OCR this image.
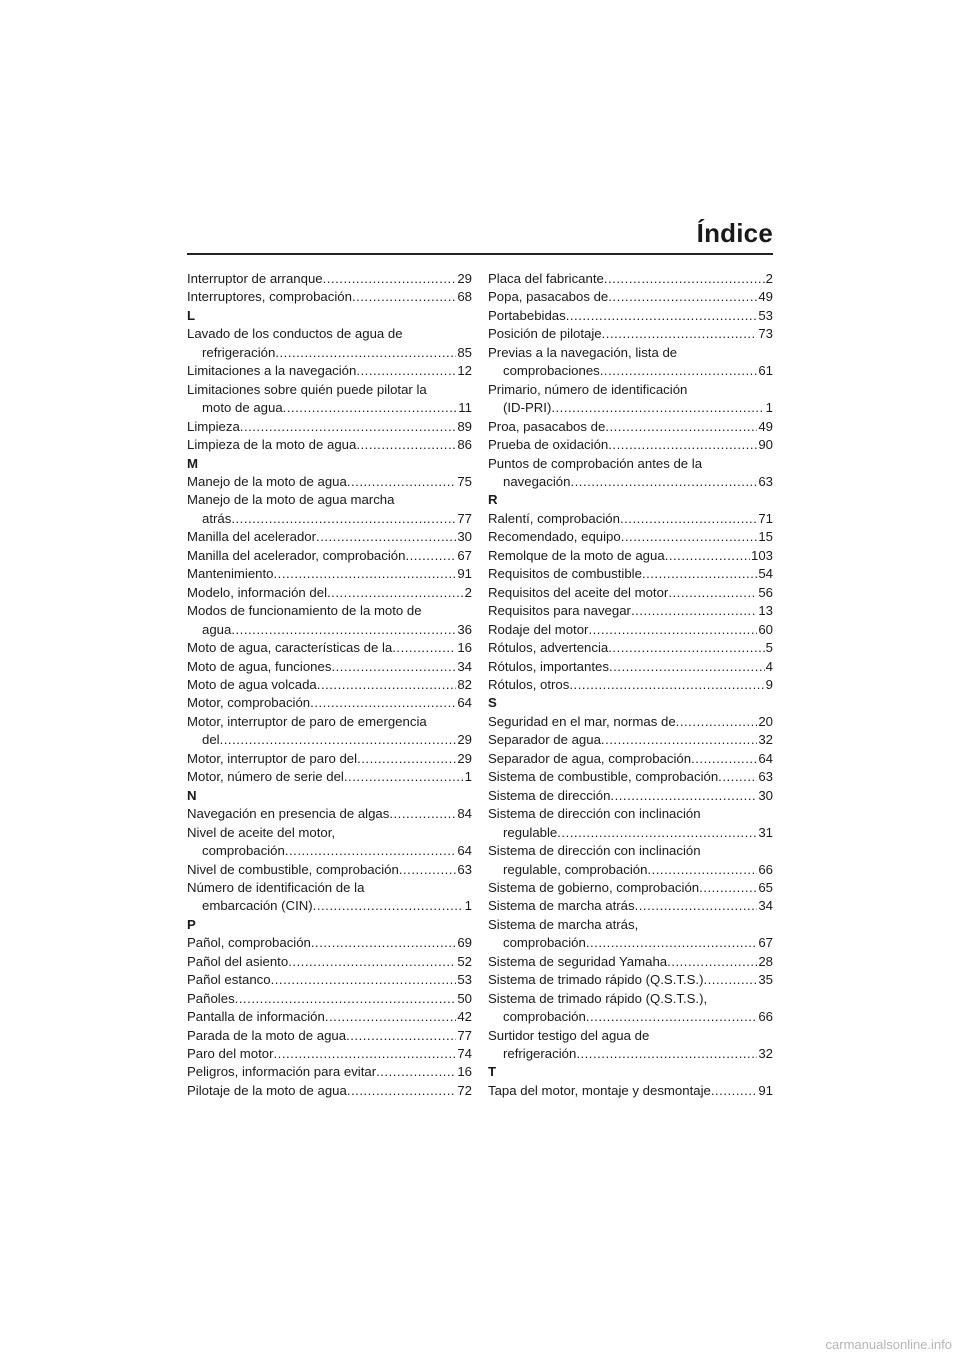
Índice
Interruptor de arranque .....	29
Interruptores, comprobación .....	68
L
Lavado de los conductos de agua de
refrigeración .....	85
Limitaciones a la navegación .....	12
Limitaciones sobre quién puede pilotar la
moto de agua .....	11
Limpieza .....	89
Limpieza de la moto de agua .....	86
M
Manejo de la moto de agua .....	75
Manejo de la moto de agua marcha
atrás .....	77
Manilla del acelerador .....	30
Manilla del acelerador, comprobación .....	67
Mantenimiento .....	91
Modelo, información del .....	2
Modos de funcionamiento de la moto de
agua .....	36
Moto de agua, características de la .....	16
Moto de agua, funciones .....	34
Moto de agua volcada .....	82
Motor, comprobación .....	64
Motor, interruptor de paro de emergencia
del .....	29
Motor, interruptor de paro del .....	29
Motor, número de serie del .....	1
N
Navegación en presencia de algas .....	84
Nivel de aceite del motor,
comprobación .....	64
Nivel de combustible, comprobación .....	63
Número de identificación de la
embarcación (CIN) .....	1
P
Pañol, comprobación .....	69
Pañol del asiento .....	52
Pañol estanco .....	53
Pañoles .....	50
Pantalla de información .....	42
Parada de la moto de agua .....	77
Paro del motor .....	74
Peligros, información para evitar .....	16
Pilotaje de la moto de agua .....	72
Placa del fabricante .....	2
Popa, pasacabos de .....	49
Portabebidas .....	53
Posición de pilotaje .....	73
Previas a la navegación, lista de
comprobaciones .....	61
Primario, número de identificación
(ID-PRI) .....	1
Proa, pasacabos de .....	49
Prueba de oxidación .....	90
Puntos de comprobación antes de la
navegación .....	63
R
Ralentí, comprobación .....	71
Recomendado, equipo .....	15
Remolque de la moto de agua .....	103
Requisitos de combustible .....	54
Requisitos del aceite del motor .....	56
Requisitos para navegar .....	13
Rodaje del motor .....	60
Rótulos, advertencia .....	5
Rótulos, importantes .....	4
Rótulos, otros .....	9
S
Seguridad en el mar, normas de .....	20
Separador de agua .....	32
Separador de agua, comprobación .....	64
Sistema de combustible, comprobación .....	63
Sistema de dirección .....	30
Sistema de dirección con inclinación
regulable .....	31
Sistema de dirección con inclinación
regulable, comprobación .....	66
Sistema de gobierno, comprobación .....	65
Sistema de marcha atrás .....	34
Sistema de marcha atrás,
comprobación .....	67
Sistema de seguridad Yamaha .....	28
Sistema de trimado rápido (Q.S.T.S.) .....	35
Sistema de trimado rápido (Q.S.T.S.),
comprobación .....	66
Surtidor testigo del agua de
refrigeración .....	32
T
Tapa del motor, montaje y desmontaje .....	91
carmanualsonline.info
